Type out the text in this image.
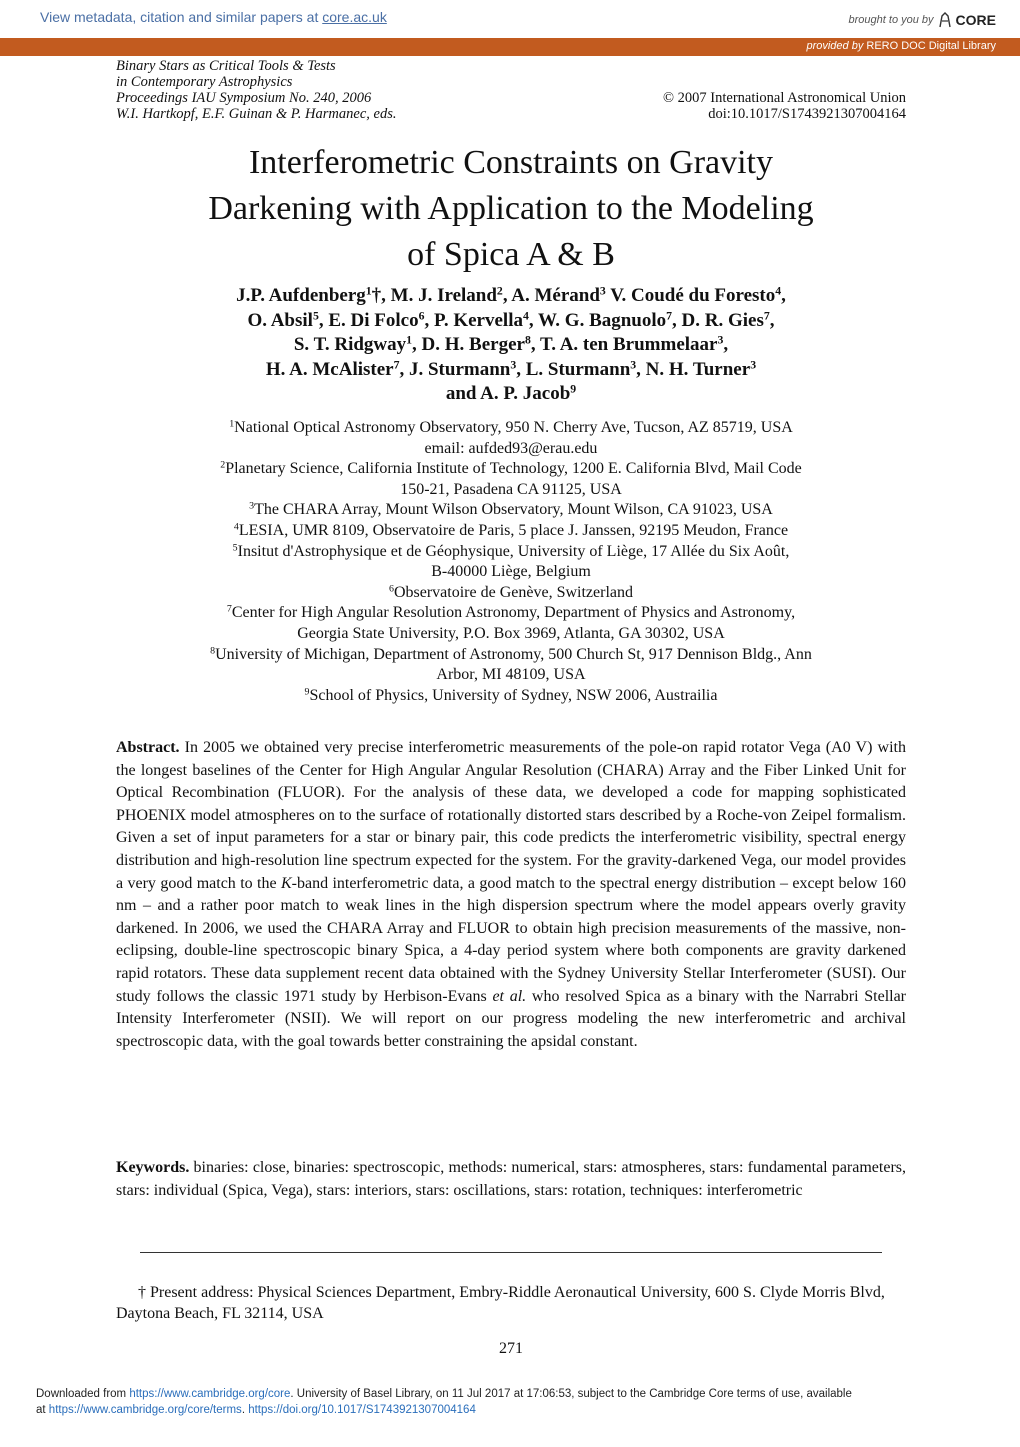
View metadata, citation and similar papers at core.ac.uk	brought to you by CORE
provided by RERO DOC Digital Library
Binary Stars as Critical Tools & Tests
in Contemporary Astrophysics
Proceedings IAU Symposium No. 240, 2006	© 2007 International Astronomical Union
W.I. Hartkopf, E.F. Guinan & P. Harmanec, eds.	doi:10.1017/S1743921307004164
Interferometric Constraints on Gravity
Darkening with Application to the Modeling
of Spica A & B
J.P. Aufdenberg$^1$†, M. J. Ireland$^2$, A. Mérand$^3$ V. Coudé du Foresto$^4$,
O. Absil$^5$, E. Di Folco$^6$, P. Kervella$^4$, W. G. Bagnuolo$^7$, D. R. Gies$^7$,
S. T. Ridgway$^1$, D. H. Berger$^8$, T. A. ten Brummelaar$^3$,
H. A. McAlister$^7$, J. Sturmann$^3$, L. Sturmann$^3$, N. H. Turner$^3$
and A. P. Jacob$^9$
$^1$National Optical Astronomy Observatory, 950 N. Cherry Ave, Tucson, AZ 85719, USA
email: aufded93@erau.edu
$^2$Planetary Science, California Institute of Technology, 1200 E. California Blvd, Mail Code
150-21, Pasadena CA 91125, USA
$^3$The CHARA Array, Mount Wilson Observatory, Mount Wilson, CA 91023, USA
$^4$LESIA, UMR 8109, Observatoire de Paris, 5 place J. Janssen, 92195 Meudon, France
$^5$Insitut d'Astrophysique et de Géophysique, University of Liège, 17 Allée du Six Août,
B-40000 Liège, Belgium
$^6$Observatoire de Genève, Switzerland
$^7$Center for High Angular Resolution Astronomy, Department of Physics and Astronomy,
Georgia State University, P.O. Box 3969, Atlanta, GA 30302, USA
$^8$University of Michigan, Department of Astronomy, 500 Church St, 917 Dennison Bldg., Ann
Arbor, MI 48109, USA
$^9$School of Physics, University of Sydney, NSW 2006, Austrailia
Abstract. In 2005 we obtained very precise interferometric measurements of the pole-on rapid rotator Vega (A0 V) with the longest baselines of the Center for High Angular Angular Resolution (CHARA) Array and the Fiber Linked Unit for Optical Recombination (FLUOR). For the analysis of these data, we developed a code for mapping sophisticated PHOENIX model atmospheres on to the surface of rotationally distorted stars described by a Roche-von Zeipel formalism. Given a set of input parameters for a star or binary pair, this code predicts the interferometric visibility, spectral energy distribution and high-resolution line spectrum expected for the system. For the gravity-darkened Vega, our model provides a very good match to the K-band interferometric data, a good match to the spectral energy distribution – except below 160 nm – and a rather poor match to weak lines in the high dispersion spectrum where the model appears overly gravity darkened. In 2006, we used the CHARA Array and FLUOR to obtain high precision measurements of the massive, non-eclipsing, double-line spectroscopic binary Spica, a 4-day period system where both components are gravity darkened rapid rotators. These data supplement recent data obtained with the Sydney University Stellar Interferometer (SUSI). Our study follows the classic 1971 study by Herbison-Evans et al. who resolved Spica as a binary with the Narrabri Stellar Intensity Interferometer (NSII). We will report on our progress modeling the new interferometric and archival spectroscopic data, with the goal towards better constraining the apsidal constant.
Keywords. binaries: close, binaries: spectroscopic, methods: numerical, stars: atmospheres, stars: fundamental parameters, stars: individual (Spica, Vega), stars: interiors, stars: oscillations, stars: rotation, techniques: interferometric
† Present address: Physical Sciences Department, Embry-Riddle Aeronautical University, 600 S. Clyde Morris Blvd, Daytona Beach, FL 32114, USA
271
Downloaded from https://www.cambridge.org/core. University of Basel Library, on 11 Jul 2017 at 17:06:53, subject to the Cambridge Core terms of use, available
at https://www.cambridge.org/core/terms. https://doi.org/10.1017/S1743921307004164
